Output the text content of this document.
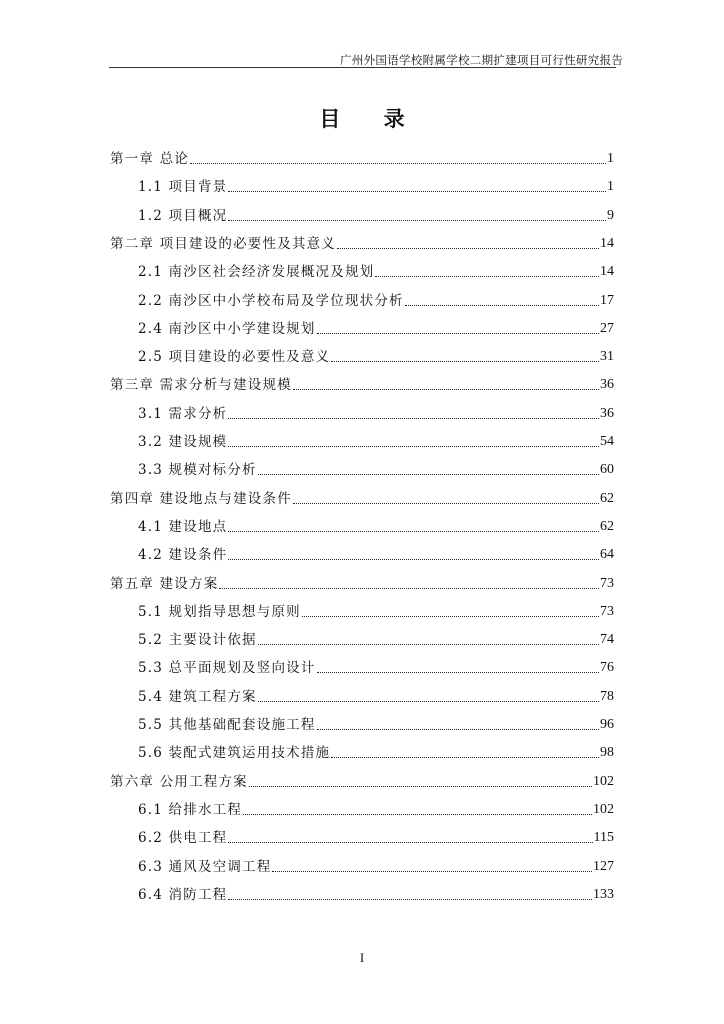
广州外国语学校附属学校二期扩建项目可行性研究报告
目 录
第一章 总论	1
1.1 项目背景	1
1.2 项目概况	9
第二章 项目建设的必要性及其意义	14
2.1 南沙区社会经济发展概况及规划	14
2.2 南沙区中小学校布局及学位现状分析	17
2.4 南沙区中小学建设规划	27
2.5 项目建设的必要性及意义	31
第三章 需求分析与建设规模	36
3.1 需求分析	36
3.2 建设规模	54
3.3 规模对标分析	60
第四章 建设地点与建设条件	62
4.1 建设地点	62
4.2 建设条件	64
第五章 建设方案	73
5.1 规划指导思想与原则	73
5.2 主要设计依据	74
5.3 总平面规划及竖向设计	76
5.4 建筑工程方案	78
5.5 其他基础配套设施工程	96
5.6 装配式建筑运用技术措施	98
第六章 公用工程方案	102
6.1 给排水工程	102
6.2 供电工程	115
6.3 通风及空调工程	127
6.4 消防工程	133
I
